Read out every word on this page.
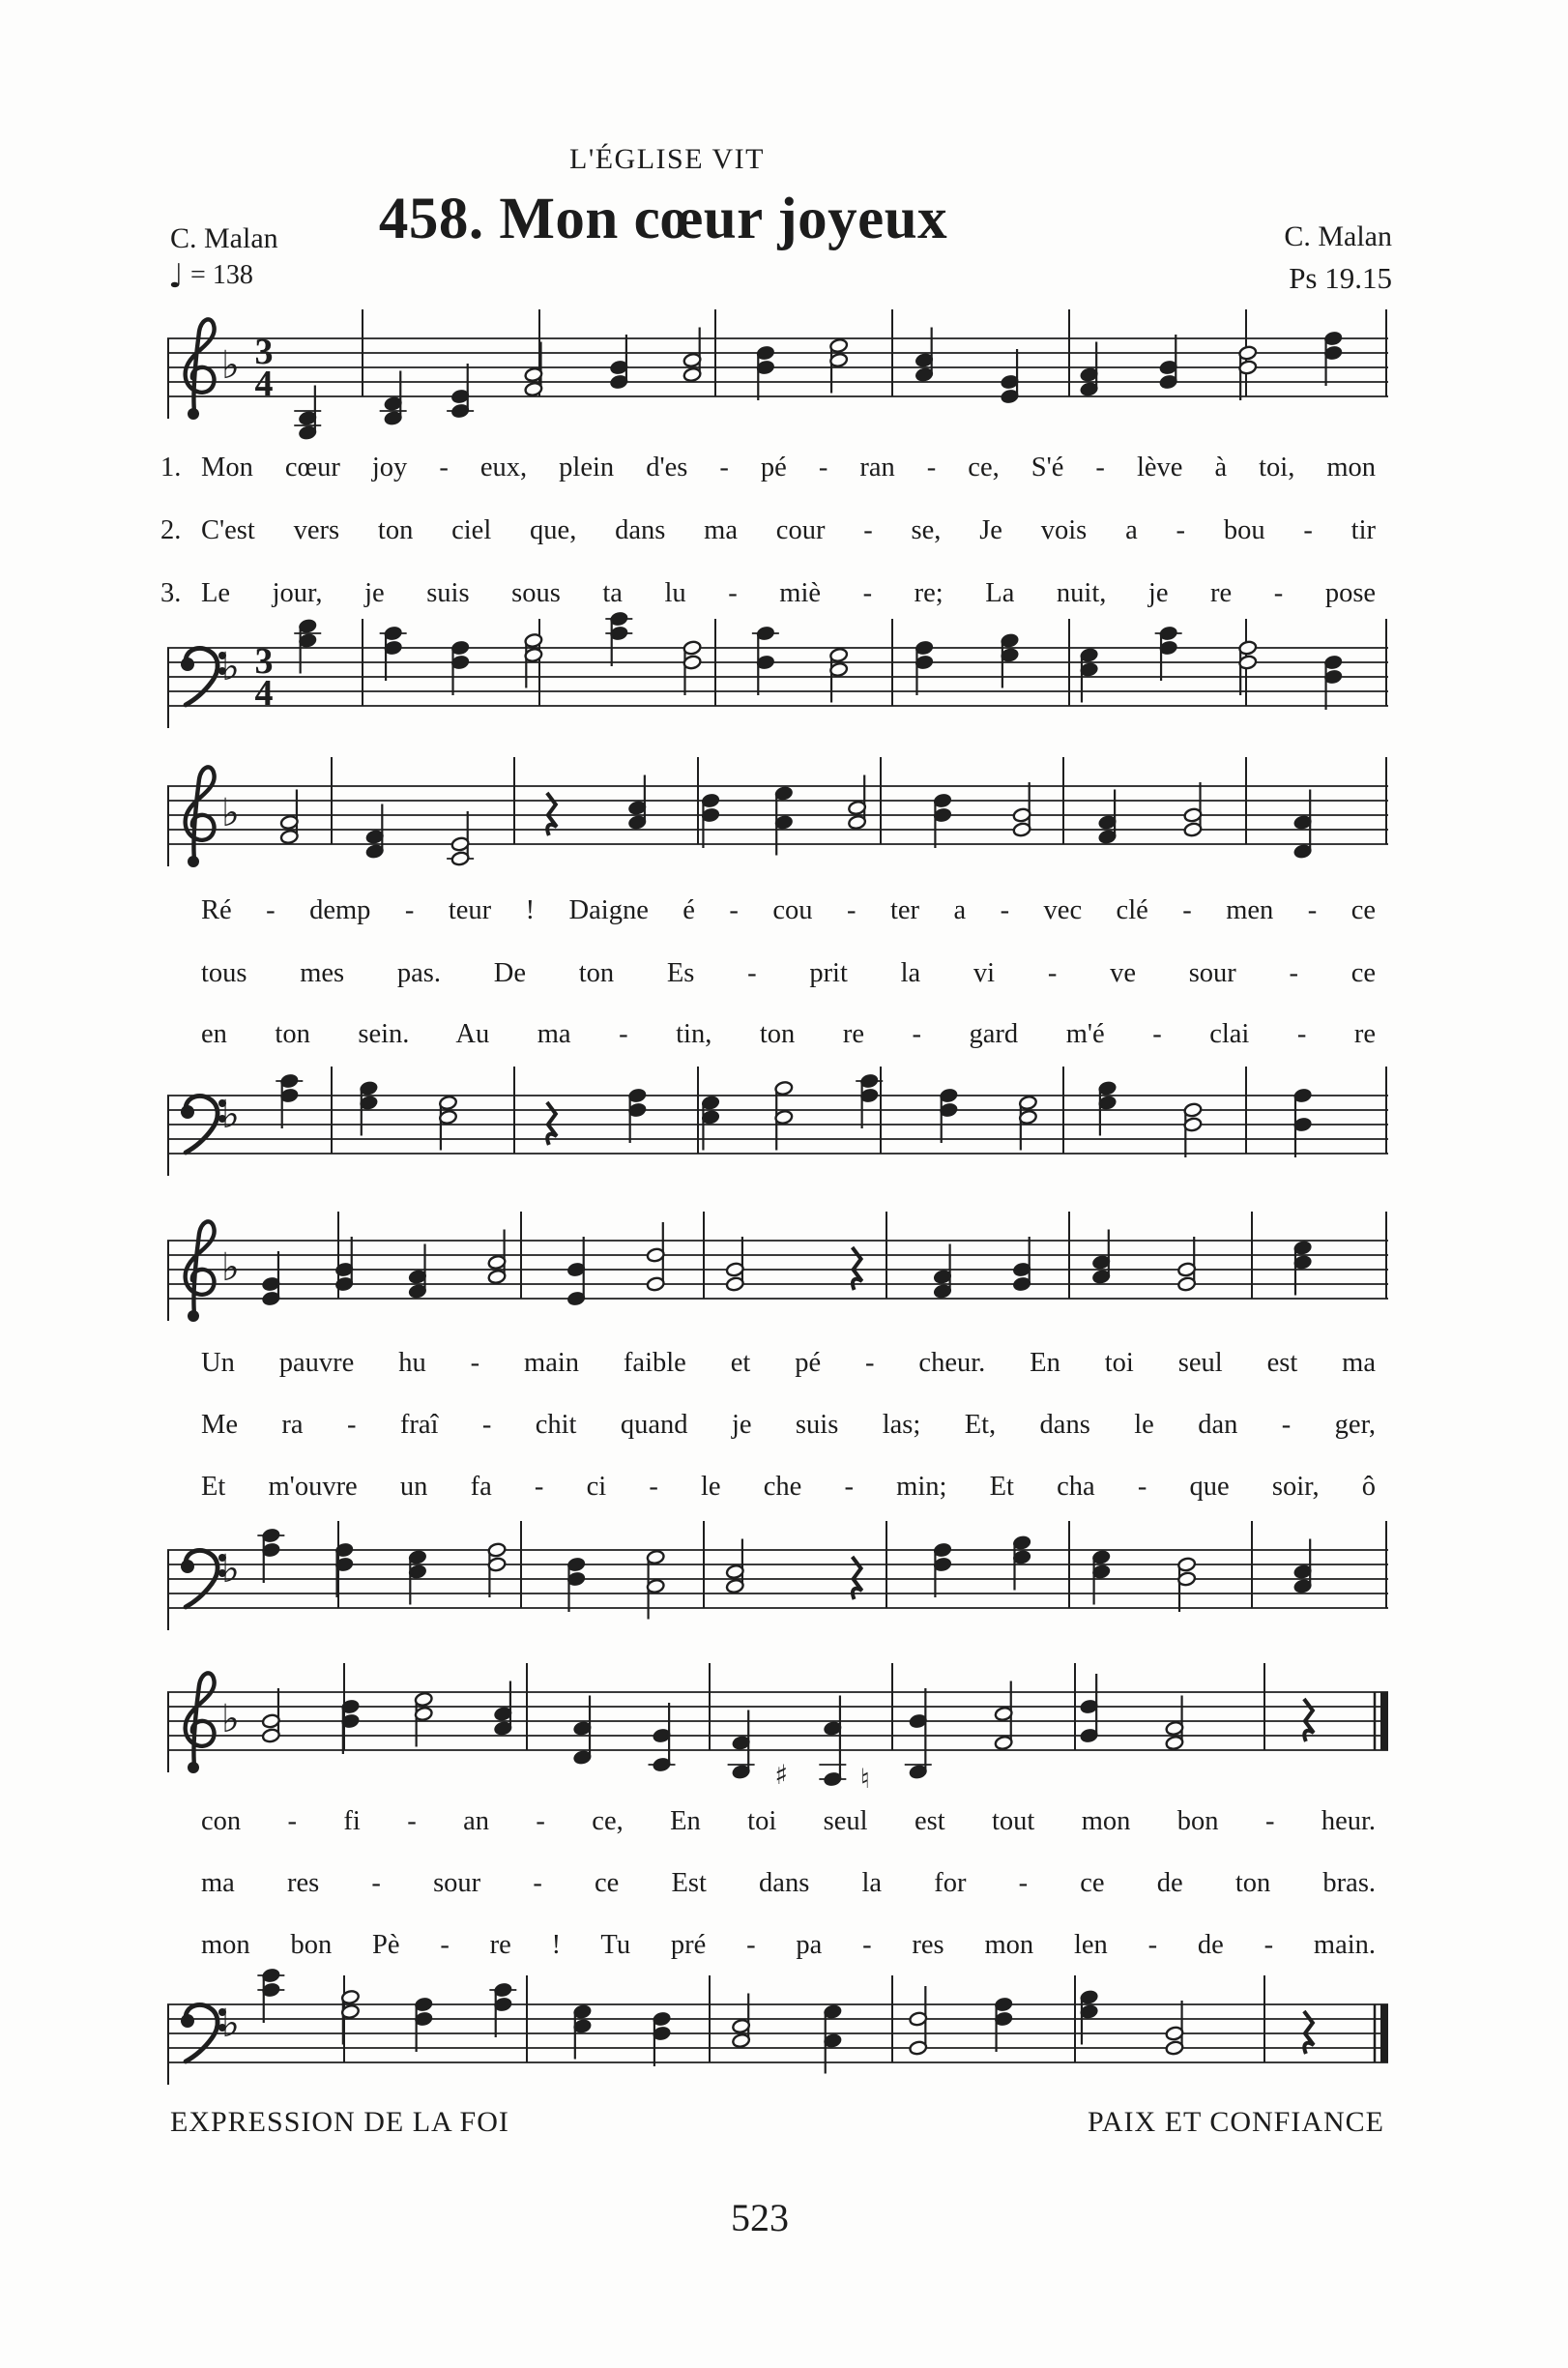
L'ÉGLISE VIT
C. Malan	458. Mon cœur joyeux	C. Malan
♩ = 138	Ps 19.15
♭ 3
4
1. Mon cœur joy - eux, plein d'es - pé - ran - ce, S'é - lève à toi, mon
2. C'est vers ton ciel que, dans ma cour - se, Je vois a - bou - tir
3. Le jour, je suis sous ta lu - miè - re; La nuit, je re - pose
♭ 3
4
♭
Ré - demp - teur ! Daigne é - cou - ter a - vec clé - men - ce
tous mes pas. De ton Es - prit la vi - ve sour - ce
en ton sein. Au ma - tin, ton re - gard m'é - clai - re
♭
♭
Un pauvre hu - main faible et pé - cheur. En toi seul est ma
Me ra - fraî - chit quand je suis las; Et, dans le dan - ger,
Et m'ouvre un fa - ci - le che - min; Et cha - que soir, ô
♭
♭
♯	♮
con - fi - an - ce, En toi seul est tout mon bon - heur.
ma res - sour - ce Est dans la for - ce de ton bras.
mon bon Pè - re ! Tu pré - pa - res mon len - de - main.
♭
EXPRESSION DE LA FOI	PAIX ET CONFIANCE
523
